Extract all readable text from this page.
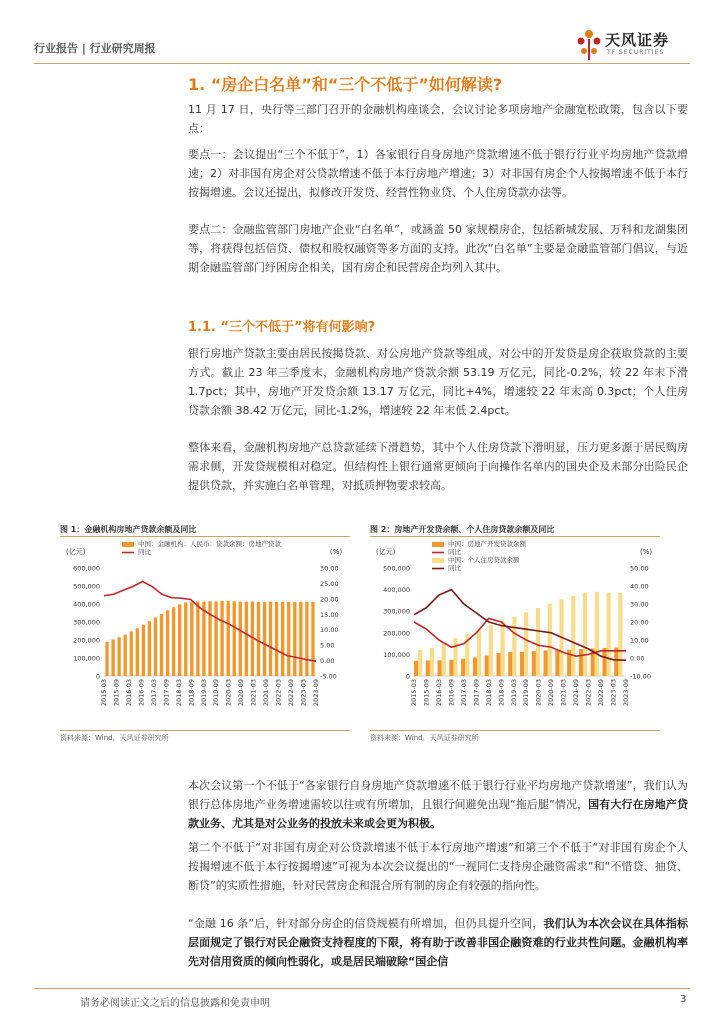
行业报告 | 行业研究周报	天风证券
TF SECURITIES
1. “房企白名单”和“三个不低于”如何解读?
11 月 17 日，央行等三部门召开的金融机构座谈会，会议讨论多项房地产金融宽松政策，包含以下要点：
要点一：会议提出“三个不低于”，1）各家银行自身房地产贷款增速不低于银行行业平均房地产贷款增速；2）对非国有房企对公贷款增速不低于本行房地产增速；3）对非国有房企个人按揭增速不低于本行按揭增速。会议还提出，拟修改开发贷、经营性物业贷、个人住房贷款办法等。
要点二：金融监管部门房地产企业“白名单”，或涵盖 50 家规模房企，包括新城发展、万科和龙湖集团等，将获得包括信贷、债权和股权融资等多方面的支持。此次“白名单”主要是金融监管部门倡议，与近期金融监管部门纾困房企相关，国有房企和民营房企均列入其中。
1.1. “三个不低于”将有何影响?
银行房地产贷款主要由居民按揭贷款、对公房地产贷款等组成，对公中的开发贷是房企获取贷款的主要方式。截止 23 年三季度末，金融机构房地产贷款余额 53.19 万亿元，同比-0.2%，较 22 年末下滑 1.7pct；其中，房地产开发贷余额 13.17 万亿元，同比+4%，增速较 22 年末高 0.3pct；个人住房贷款余额 38.42 万亿元，同比-1.2%，增速较 22 年末低 2.4pct。
整体来看，金融机构房地产总贷款延续下滑趋势，其中个人住房贷款下滑明显，压力更多源于居民购房需求侧，开发贷规模相对稳定。但结构性上银行通常更倾向于向操作名单内的国央企及未部分出险民企提供贷款，并实施白名单管理，对抵质押物要求较高。
图 1：金融机构房地产贷款余额及同比
(亿元)	(%)
0
100,000
200,000
300,000
400,000
500,000
600,000
-5.00
0.00
5.00
10.00
15.00
20.00
25.00
30.00
2015-03 2015-09 2016-03 2016-09 2017-03 2017-09 2018-03 2018-09 2019-03 2019-09 2020-03 2020-09 2021-03 2021-09 2022-03 2022-09 2023-03 2023-09
中国：金融机构：人民币：贷款余额：房地产贷款
同比
资料来源：Wind，天风证券研究所
图 2：房地产开发贷余额、个人住房贷款余额及同比
(亿元)	(%)
0
100,000
200,000
300,000
400,000
500,000
-10.00
0.00
10.00
20.00
30.00
40.00
50.00
2015-03 2015-09 2016-03 2016-09 2017-03 2017-09 2018-03 2018-09 2019-03 2019-09 2020-03 2020-09 2021-03 2021-09 2022-03 2022-09 2023-03 2023-09
中国：房地产开发贷款余额
同比
中国：个人住房贷款余额
同比
资料来源：Wind，天风证券研究所
本次会议第一个不低于“各家银行自身房地产贷款增速不低于银行行业平均房地产贷款增速”，我们认为银行总体房地产业务增速需较以往或有所增加，且银行间避免出现“拖后腿”情况，国有大行在房地产贷款业务、尤其是对公业务的投放未来或会更为积极。
第二个不低于“对非国有房企对公贷款增速不低于本行房地产增速”和第三个不低于“对非国有房企个人按揭增速不低于本行按揭增速”可视为本次会议提出的“一视同仁支持房企融资需求”和“不惜贷、抽贷、断贷”的实质性措施，针对民营房企和混合所有制的房企有较强的指向性。
“金融 16 条”后，针对部分房企的信贷规模有所增加，但仍具提升空间，我们认为本次会议在具体指标层面规定了银行对民企融资支持程度的下限，将有助于改善非国企融资难的行业共性问题。金融机构率先对信用资质的倾向性弱化，或是居民端破除“国企信
请务必阅读正文之后的信息披露和免责申明	3
